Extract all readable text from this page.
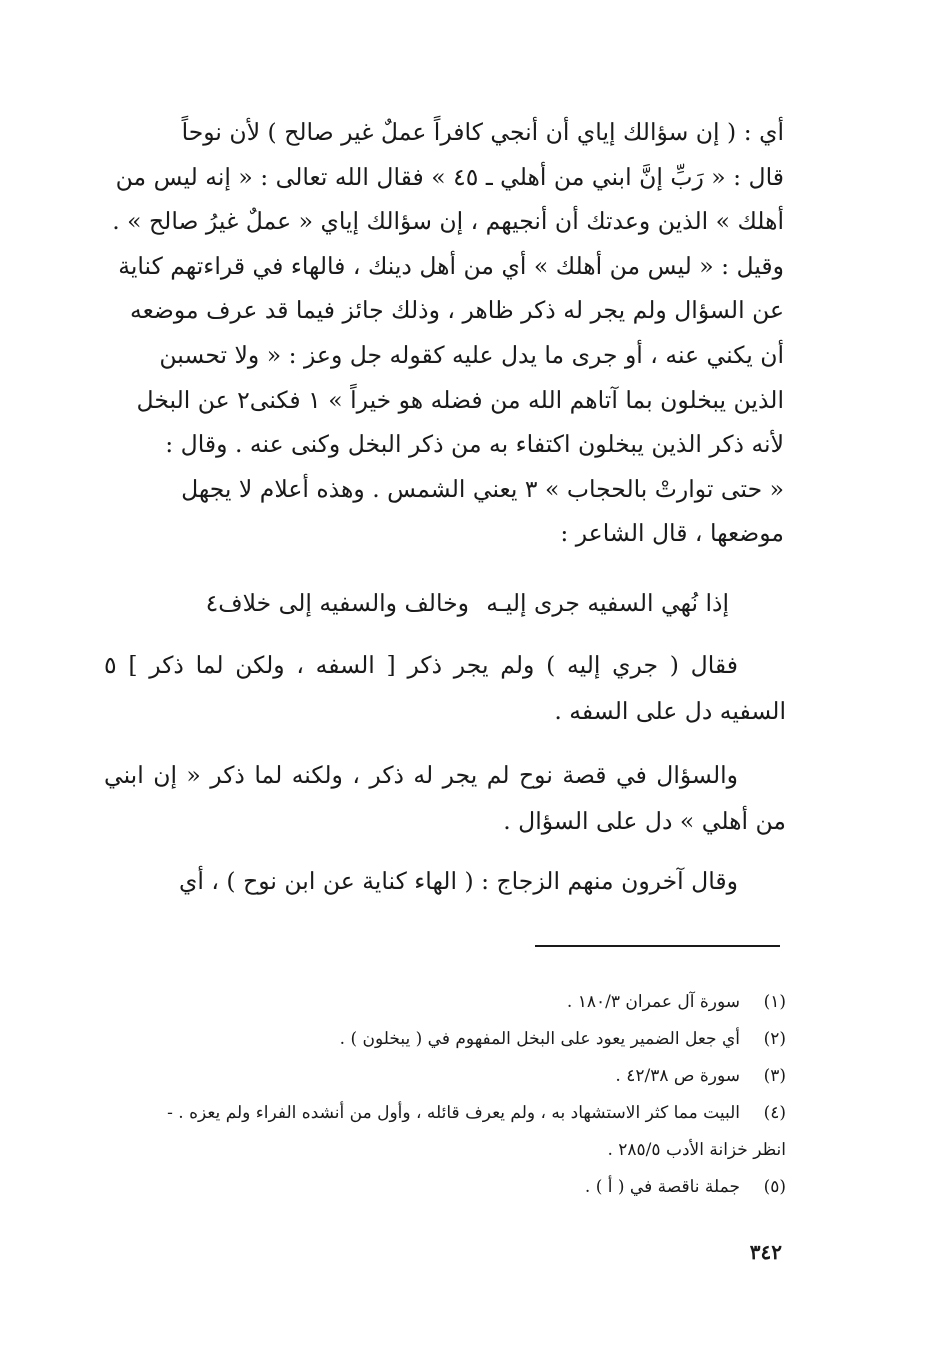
أي : ( إن سؤالك إياي أن أنجي كافراً عملٌ غير صالح ) لأن نوحاً

قال : « رَبِّ إنَّ ابني من أهلي ـ ٤٥ » فقال الله تعالى : « إنه ليس من

أهلك » الذين وعدتك أن أنجيهم ، إن سؤالك إياي « عملٌ غيرُ صالح » .

وقيل : « ليس من أهلك » أي من أهل دينك ، فالهاء في قراءتهم كناية

عن السؤال ولم يجر له ذكر ظاهر ، وذلك جائز فيما قد عرف موضعه

أن يكني عنه ، أو جرى ما يدل عليه كقوله جل وعز : « ولا تحسبن

الذين يبخلون بما آتاهم الله من فضله هو خيراً » ١ فكنى٢ عن البخل

لأنه ذكر الذين يبخلون اكتفاء به من ذكر البخل وكنى عنه . وقال :

« حتى توارتْ بالحجاب » ٣ يعني الشمس . وهذه أعلام لا يجهل

موضعها ، قال الشاعر :

إذا نُهي السفيه جرى إليـه
وخالف والسفيه إلى خلاف٤

فقال ( جري إليه ) ولم يجر ذكر [ السفه ، ولكن لما ذكر ] ٥ السفيه دل على السفه .

والسؤال في قصة نوح لم يجر له ذكر ، ولكنه لما ذكر « إن ابني من أهلي » دل على السؤال .

وقال آخرون منهم الزجاج : ( الهاء كناية عن ابن نوح ) ، أي

(١)
سورة آل عمران ١٨٠/٣ .
(٢)
أي جعل الضمير يعود على البخل المفهوم في ( يبخلون ) .
(٣)
سورة ص ٤٢/٣٨ .
(٤)
البيت مما كثر الاستشهاد به ، ولم يعرف قائله ، وأول من أنشده الفراء ولم يعزه . -
انظر خزانة الأدب ٢٨٥/٥ .
(٥)
جملة ناقصة في ( أ ) .
٣٤٢
